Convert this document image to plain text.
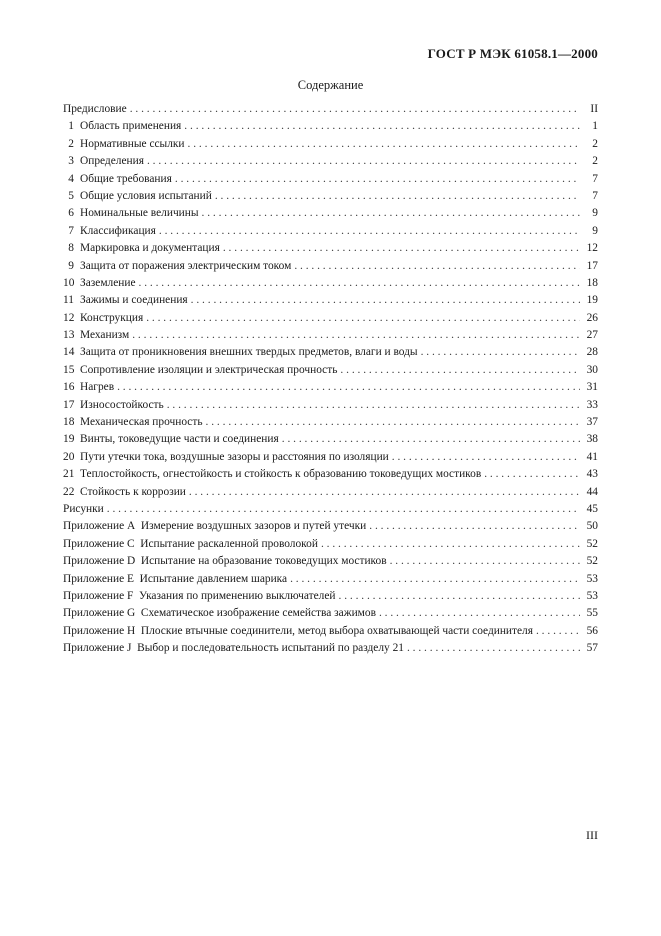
ГОСТ Р МЭК 61058.1—2000
Содержание
Предисловие . . .	II
1 Область применения . . .	1
2 Нормативные ссылки . . .	2
3 Определения . . .	2
4 Общие требования . . .	7
5 Общие условия испытаний . . .	7
6 Номинальные величины . . .	9
7 Классификация . . .	9
8 Маркировка и документация . . .	12
9 Защита от поражения электрическим током . . .	17
10 Заземление . . .	18
11 Зажимы и соединения . . .	19
12 Конструкция . . .	26
13 Механизм . . .	27
14 Защита от проникновения внешних твердых предметов, влаги и воды . . .	28
15 Сопротивление изоляции и электрическая прочность . . .	30
16 Нагрев . . .	31
17 Износостойкость . . .	33
18 Механическая прочность . . .	37
19 Винты, токоведущие части и соединения . . .	38
20 Пути утечки тока, воздушные зазоры и расстояния по изоляции . . .	41
21 Теплостойкость, огнестойкость и стойкость к образованию токоведущих мостиков . . .	43
22 Стойкость к коррозии . . .	44
Рисунки . . .	45
Приложение А  Измерение воздушных зазоров и путей утечки . . .	50
Приложение С  Испытание раскаленной проволокой . . .	52
Приложение D  Испытание на образование токоведущих мостиков . . .	52
Приложение Е  Испытание давлением шарика . . .	53
Приложение F  Указания по применению выключателей . . .	53
Приложение G  Схематическое изображение семейства зажимов . . .	55
Приложение Н  Плоские втычные соединители, метод выбора охватывающей части соединителя . . .	56
Приложение J  Выбор и последовательность испытаний по разделу 21 . . .	57
III
